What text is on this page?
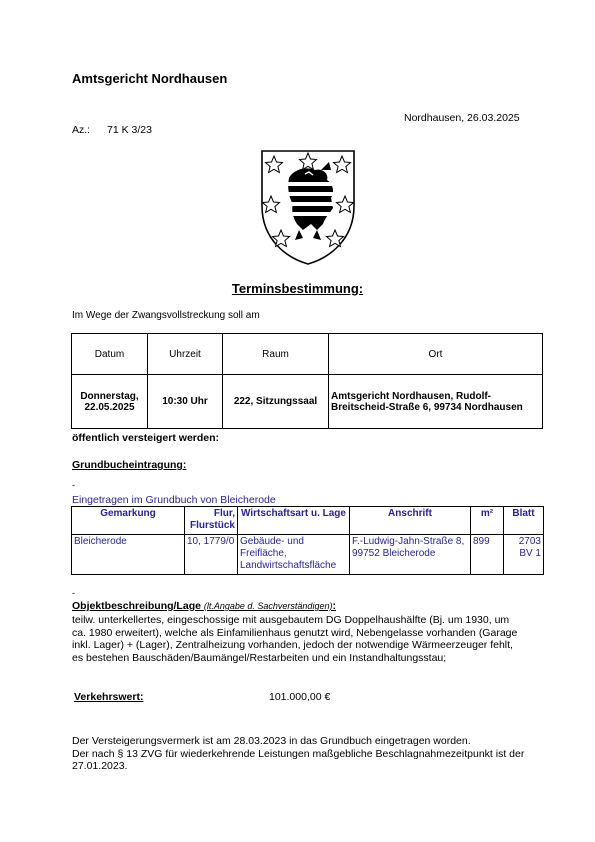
Amtsgericht Nordhausen
Nordhausen, 26.03.2025
Az.: 71 K 3/23
Terminsbestimmung:
Im Wege der Zwangsvollstreckung soll am
Datum	Uhrzeit	Raum	Ort
Donnerstag, 22.05.2025	10:30 Uhr	222, Sitzungssaal	Amtsgericht Nordhausen, Rudolf-Breitscheid-Straße 6, 99734 Nordhausen
öffentlich versteigert werden:
Grundbucheintragung:
-
Eingetragen im Grundbuch von Bleicherode
Gemarkung	Flur, Flurstück	Wirtschaftsart u. Lage	Anschrift	m²	Blatt
Bleicherode	10, 1779/0	Gebäude- und Freifläche, Landwirtschaftsfläche	F.-Ludwig-Jahn-Straße 8, 99752 Bleicherode	899	2703 BV 1
-
Objektbeschreibung/Lage (lt.Angabe d. Sachverständigen):
teilw. unterkellertes, eingeschossige mit ausgebautem DG Doppelhaushälfte (Bj. um 1930, um ca. 1980 erweitert), welche als Einfamilienhaus genutzt wird, Nebengelasse vorhanden (Garage inkl. Lager) + (Lager), Zentralheizung vorhanden, jedoch der notwendige Wärmeerzeuger fehlt, es bestehen Bauschäden/Baumängel/Restarbeiten und ein Instandhaltungsstau;
Verkehrswert:	101.000,00 €
Der Versteigerungsvermerk ist am 28.03.2023 in das Grundbuch eingetragen worden.
Der nach § 13 ZVG für wiederkehrende Leistungen maßgebliche Beschlagnahmezeitpunkt ist der 27.01.2023.
